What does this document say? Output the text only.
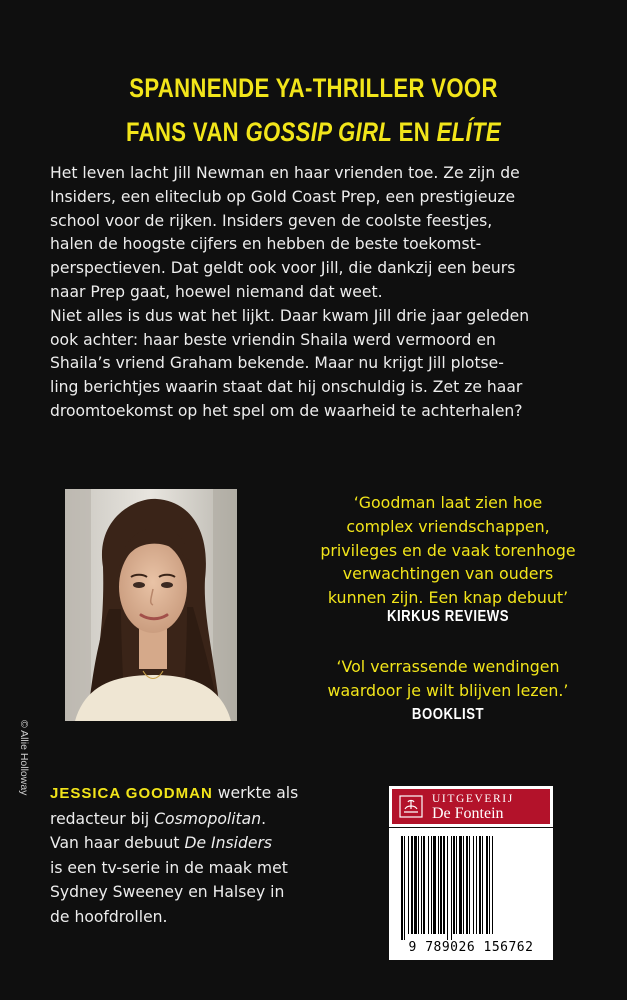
SPANNENDE YA-THRILLER VOOR
FANS VAN GOSSIP GIRL EN ELÍTE
Het leven lacht Jill Newman en haar vrienden toe. Ze zijn de
Insiders, een eliteclub op Gold Coast Prep, een prestigieuze
school voor de rijken. Insiders geven de coolste feestjes,
halen de hoogste cijfers en hebben de beste toekomst-
perspectieven. Dat geldt ook voor Jill, die dankzij een beurs
naar Prep gaat, hoewel niemand dat weet.
Niet alles is dus wat het lijkt. Daar kwam Jill drie jaar geleden
ook achter: haar beste vriendin Shaila werd vermoord en
Shaila’s vriend Graham bekende. Maar nu krijgt Jill plotse-
ling berichtjes waarin staat dat hij onschuldig is. Zet ze haar
droomtoekomst op het spel om de waarheid te achterhalen?
© Allie Holloway
‘Goodman laat zien hoe
complex vriendschappen,
privileges en de vaak torenhoge
verwachtingen van ouders
kunnen zijn. Een knap debuut’
KIRKUS REVIEWS
‘Vol verrassende wendingen
waardoor je wilt blijven lezen.’
BOOKLIST
JESSICA GOODMAN werkte als
redacteur bij Cosmopolitan.
Van haar debuut De Insiders
is een tv-serie in de maak met
Sydney Sweeney en Halsey in
de hoofdrollen.
UITGEVERIJ
De Fontein
9 789026 156762
